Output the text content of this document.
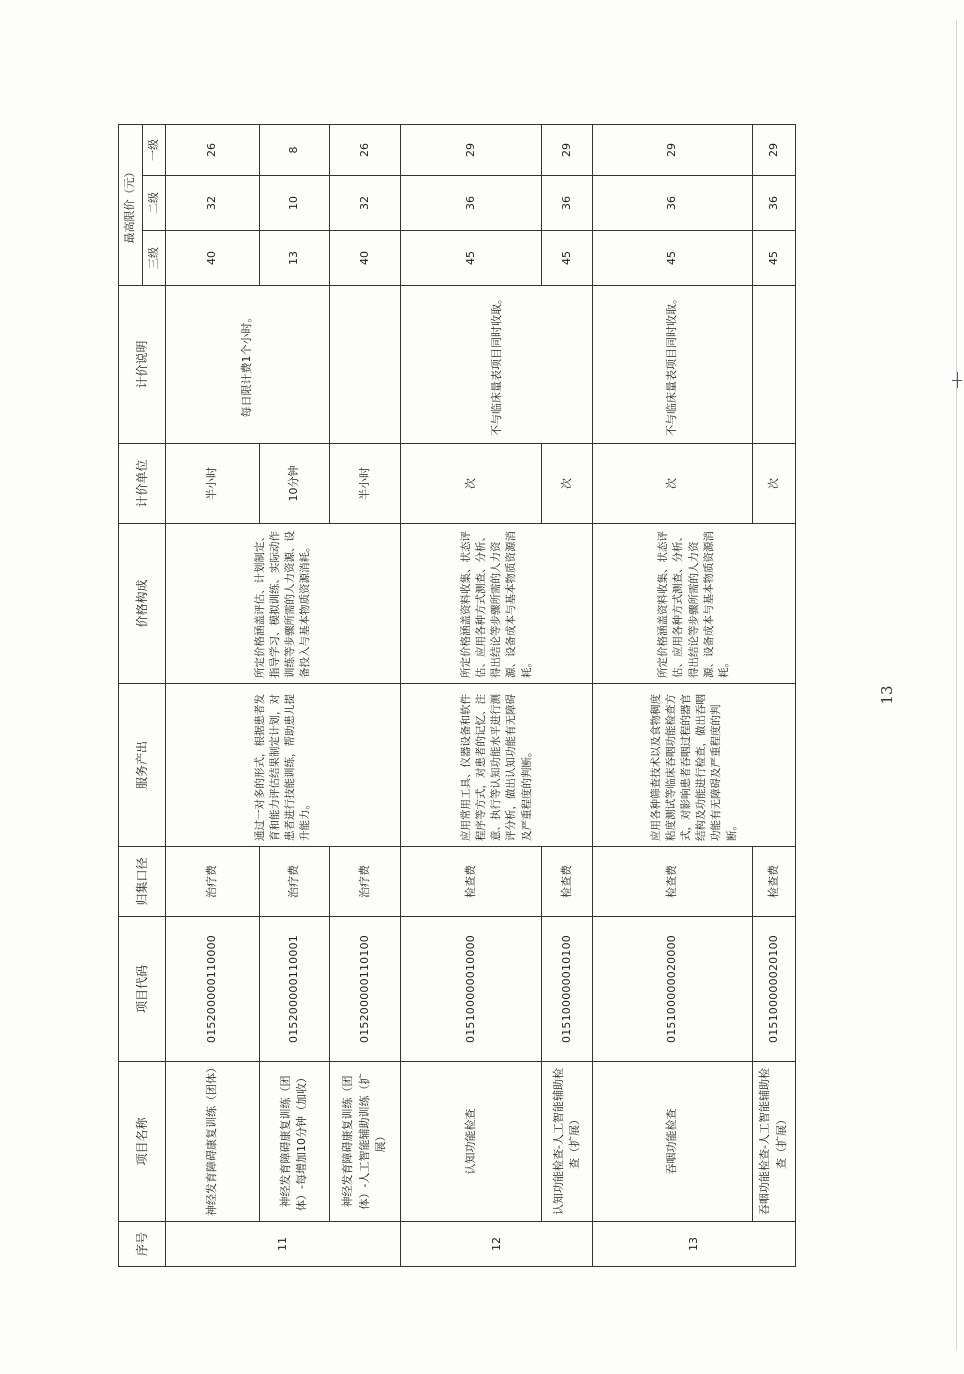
序号	项目名称	项目代码	归集口径	服务产出	价格构成	计价单位	计价说明	最高限价（元）		
								三级	二级	一级
11	神经发育障碍康复训练（团体）	015200000110000	治疗费	通过一对多的形式，根据患者发育和能力评估结果制定计划，对患者进行技能训练，帮助患儿提升能力。	所定价格涵盖评估、计划制定、指导学习、模拟训练、实际动作训练等步骤所需的人力资源、设备投入与基本物质资源消耗。	半小时	每日限计费1个小时。	40	32	26
	神经发育障碍康复训练（团体）-每增加10分钟（加收）	015200000110001	治疗费			10分钟		13	10	8
	神经发育障碍康复训练（团体）-人工智能辅助训练（扩展）	015200000110100	治疗费			半小时		40	32	26
12	认知功能检查	015100000010000	检查费	应用常用工具、仪器设备和软件程序等方式，对患者的记忆、注意、执行等认知功能水平进行测评分析，做出认知功能有无障碍及严重程度的判断。	所定价格涵盖资料收集、状态评估、应用各种方式测查、分析、得出结论等步骤所需的人力资源、设备成本与基本物质资源消耗。	次	不与临床量表项目同时收取。	45	36	29
	认知功能检查-人工智能辅助检查（扩展）	015100000010100	检查费			次		45	36	29
13	吞咽功能检查	015100000020000	检查费	应用各种筛查技术以及食物稠度粘度测试等临床吞咽功能检查方式，对影响患者吞咽过程的器官结构及功能进行检查，做出吞咽功能有无障碍及严重程度的判断。	所定价格涵盖资料收集、状态评估、应用各种方式测查、分析、得出结论等步骤所需的人力资源、设备成本与基本物质资源消耗。	次	不与临床量表项目同时收取。	45	36	29
	吞咽功能检查-人工智能辅助检查（扩展）	015100000020100	检查费			次		45	36	29
13
